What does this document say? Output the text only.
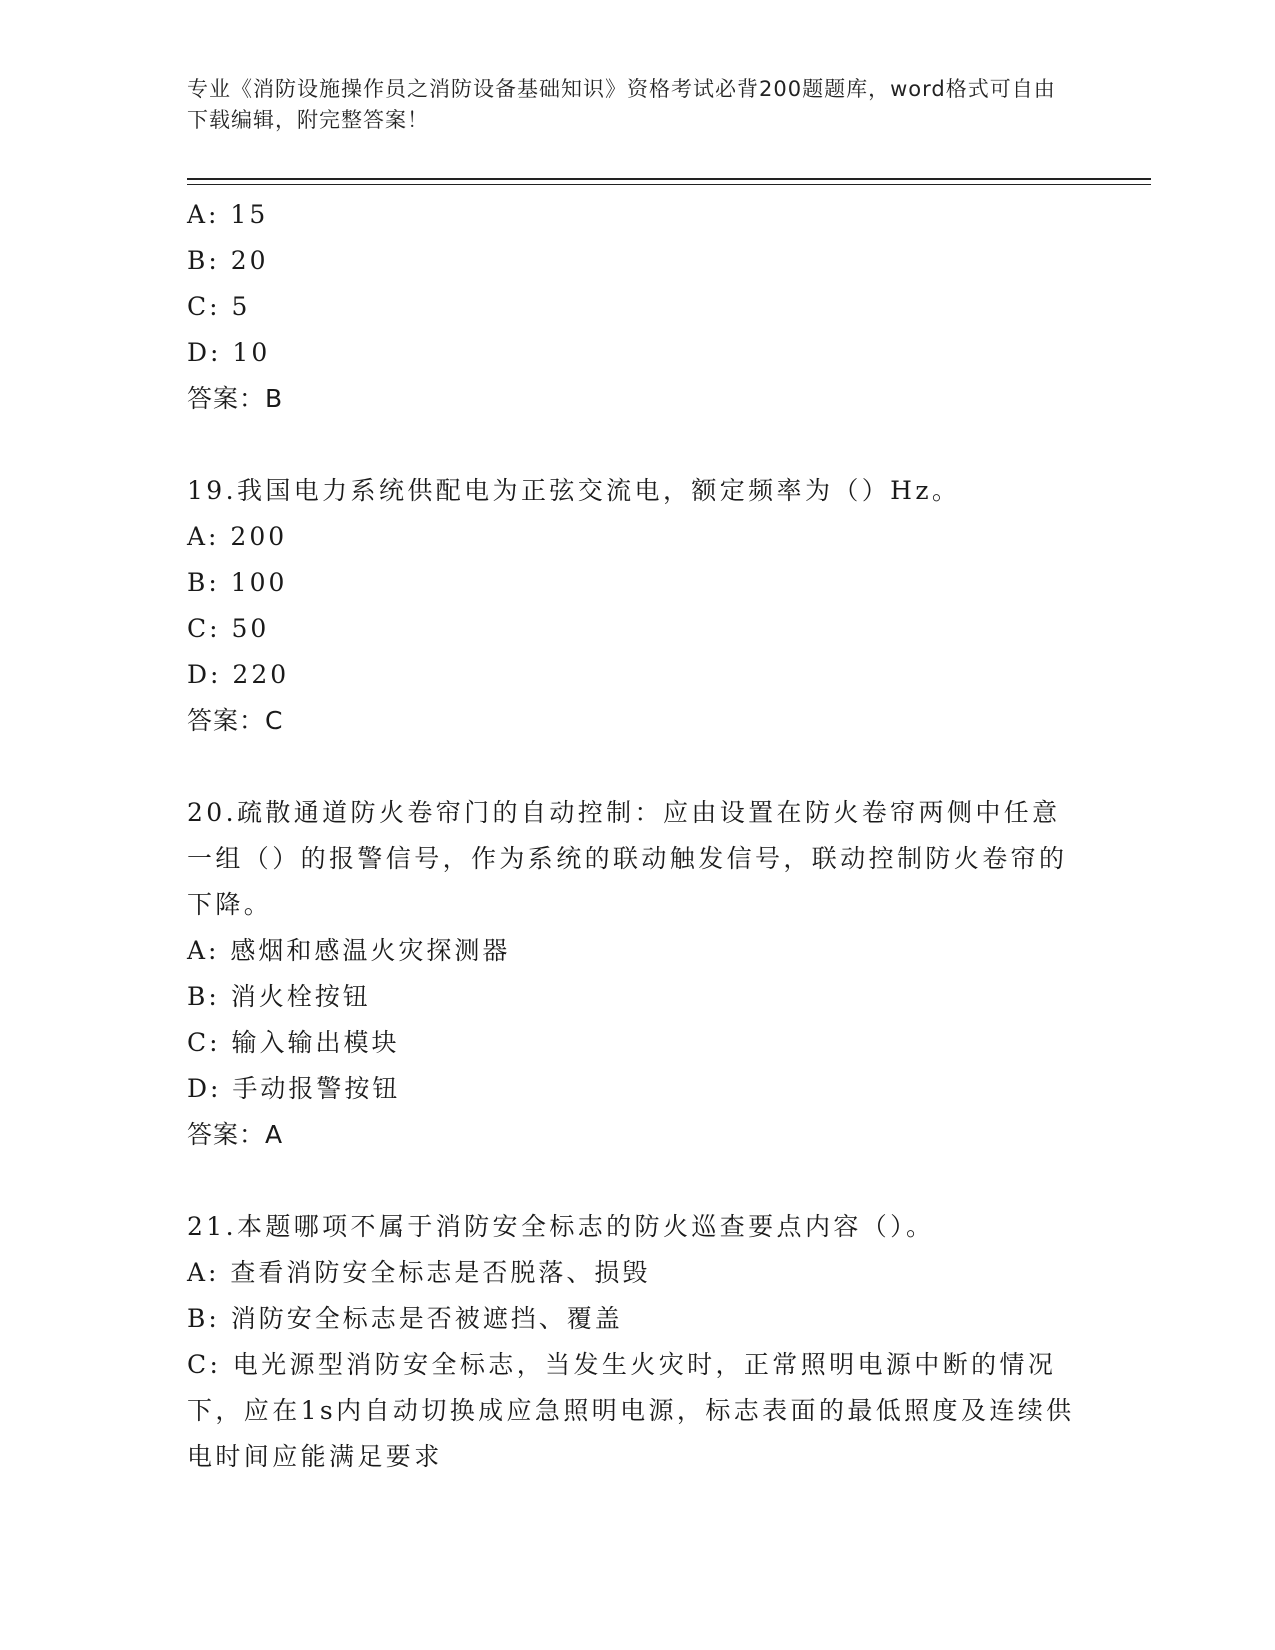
专业《消防设施操作员之消防设备基础知识》资格考试必背200题题库，word格式可自由下载编辑，附完整答案！
A: 15
B: 20
C: 5
D: 10
答案：B
19.我国电力系统供配电为正弦交流电，额定频率为（）Hz。
A: 200
B: 100
C: 50
D: 220
答案：C
20.疏散通道防火卷帘门的自动控制：应由设置在防火卷帘两侧中任意一组（）的报警信号，作为系统的联动触发信号，联动控制防火卷帘的下降。
A: 感烟和感温火灾探测器
B: 消火栓按钮
C: 输入输出模块
D: 手动报警按钮
答案：A
21.本题哪项不属于消防安全标志的防火巡查要点内容（）。
A: 查看消防安全标志是否脱落、损毁
B: 消防安全标志是否被遮挡、覆盖
C: 电光源型消防安全标志，当发生火灾时，正常照明电源中断的情况下，应在1s内自动切换成应急照明电源，标志表面的最低照度及连续供电时间应能满足要求
